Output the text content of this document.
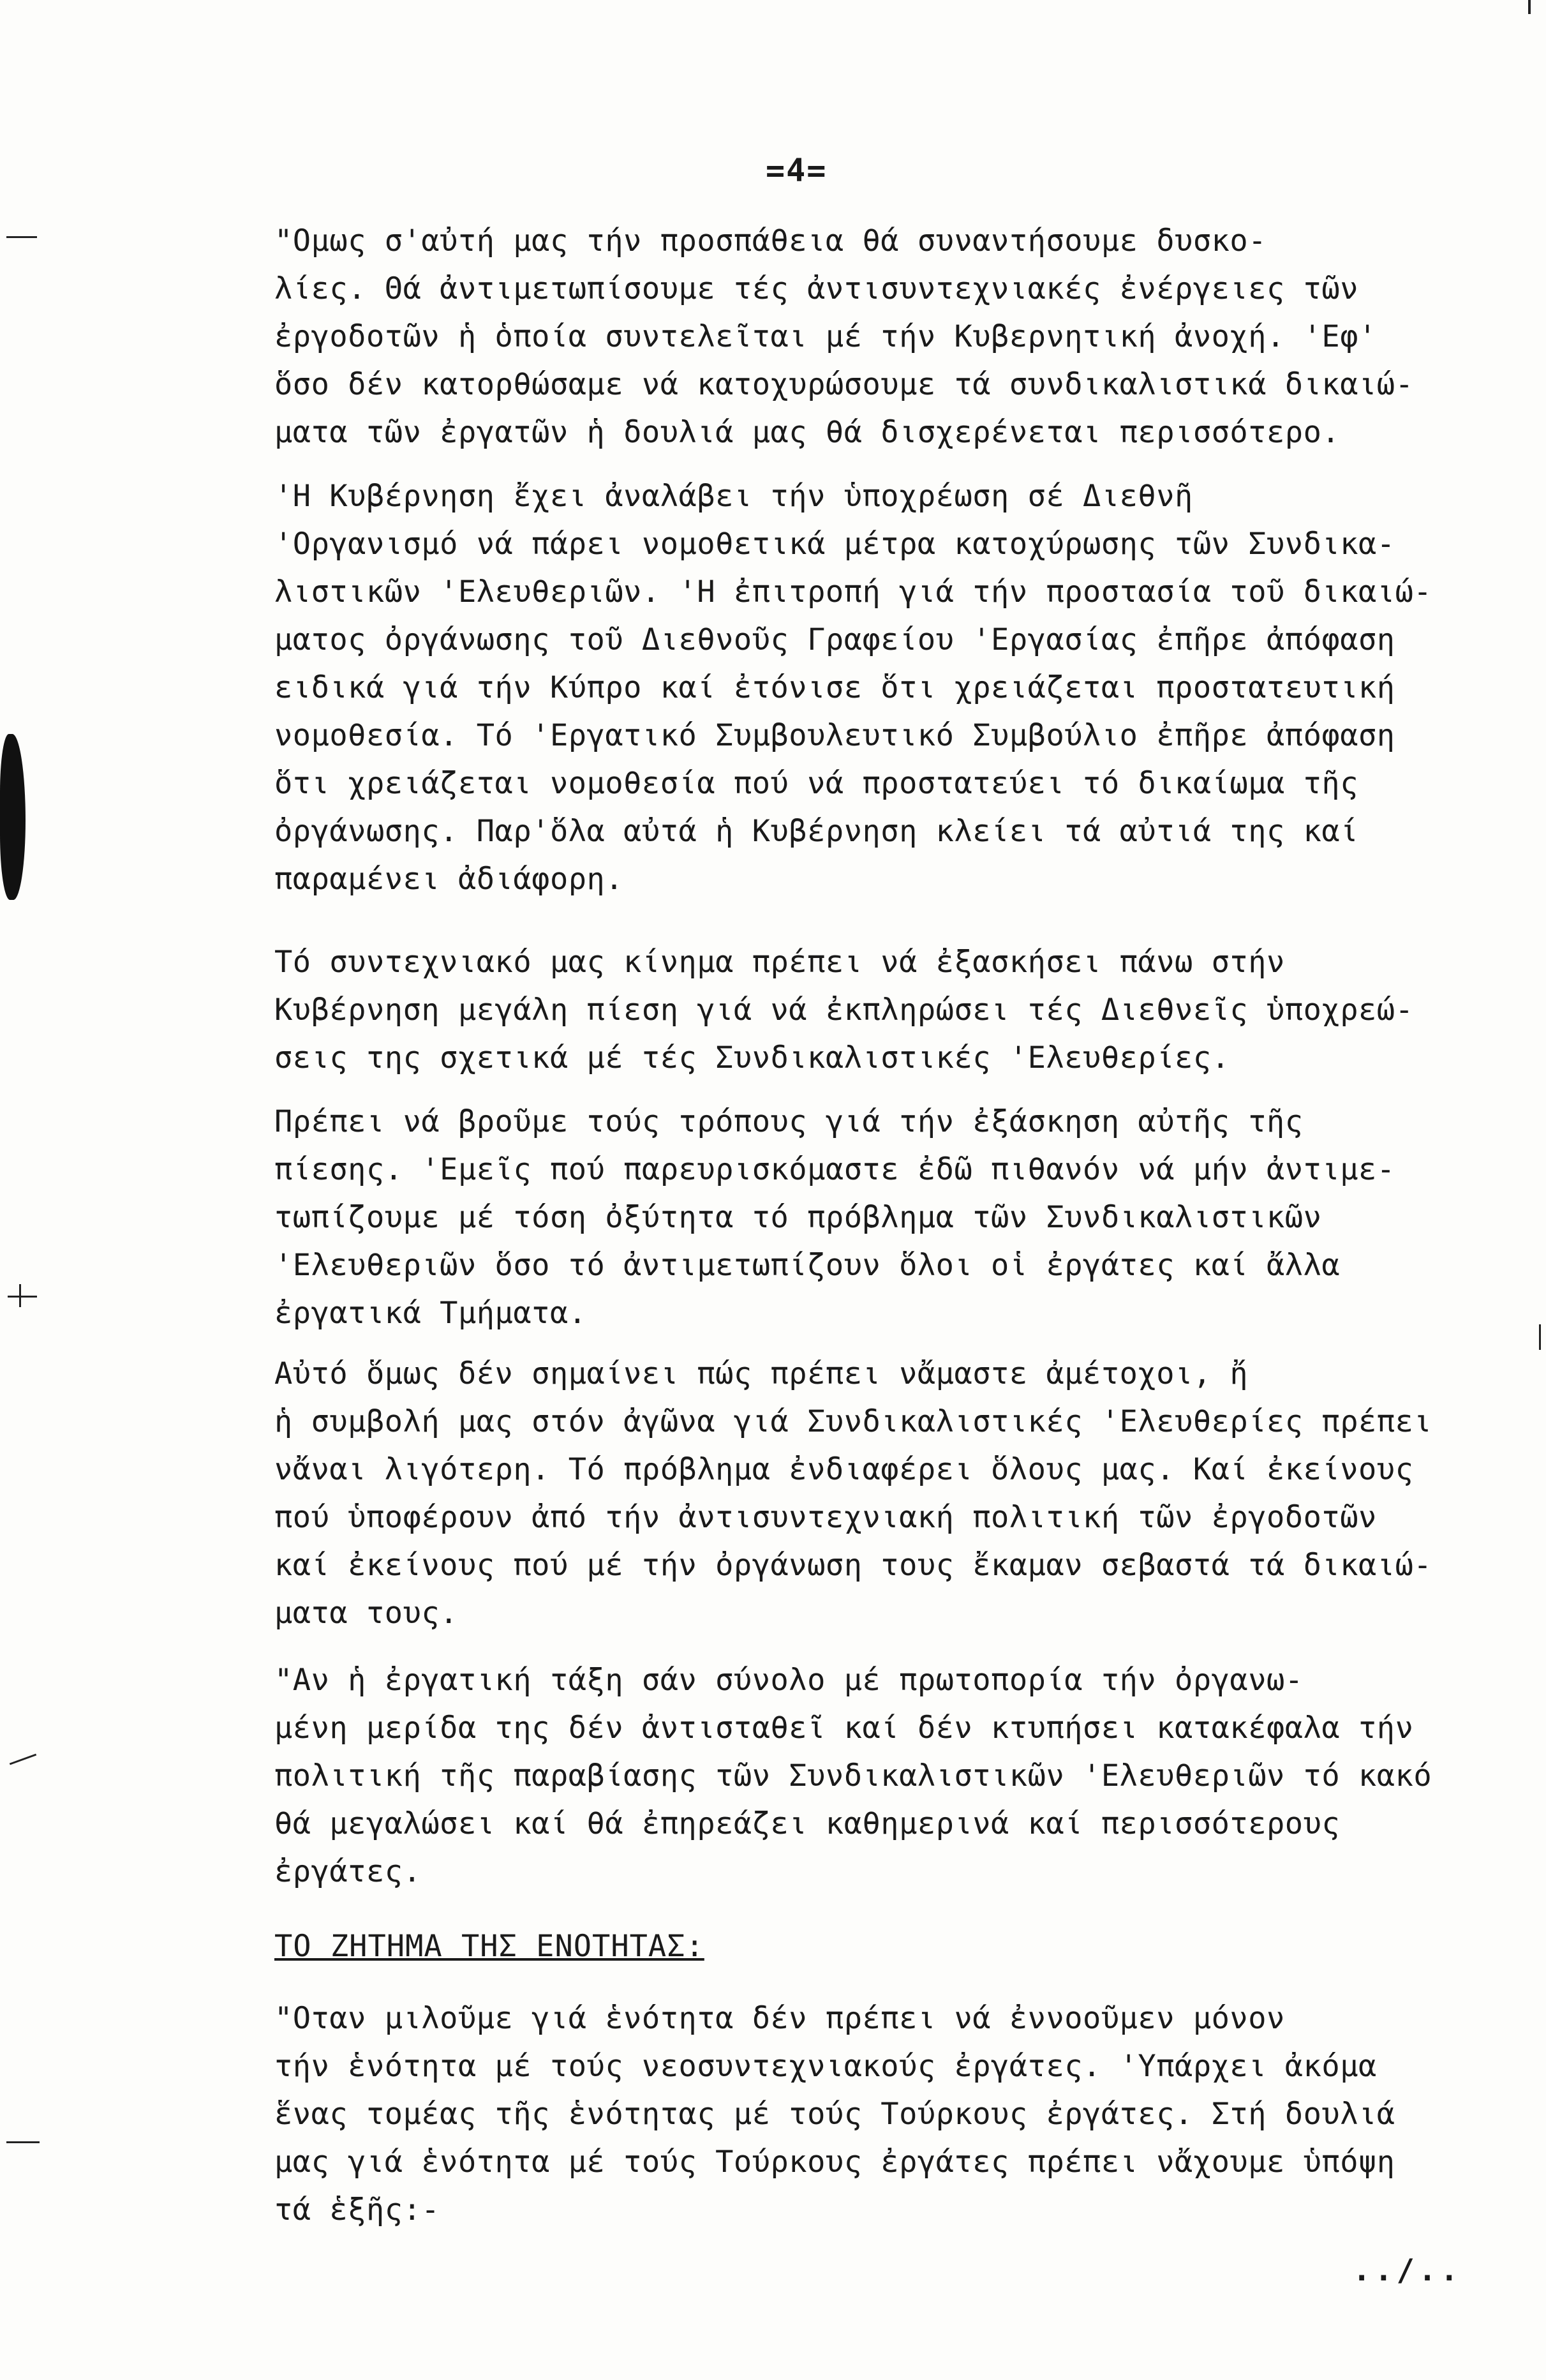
=4=

"Ομως σ'αὐτή μας τήν προσπάθεια θά συναντήσουμε δυσκο-
λίες. Θά ἀντιμετωπίσουμε τές ἀντισυντεχνιακές ἐνέργειες τῶν
ἐργοδοτῶν ἡ ὁποία συντελεῖται μέ τήν Κυβερνητική ἀνοχή. 'Εφ'
ὅσο δέν κατορθώσαμε νά κατοχυρώσουμε τά συνδικαλιστικά δικαιώ-
ματα τῶν ἐργατῶν ἡ δουλιά μας θά δισχερένεται περισσότερο.

'Η Κυβέρνηση ἔχει ἀναλάβει τήν ὑποχρέωση σέ Διεθνῆ
'Οργανισμό νά πάρει νομοθετικά μέτρα κατοχύρωσης τῶν Συνδικα-
λιστικῶν 'Ελευθεριῶν. 'Η ἐπιτροπή γιά τήν προστασία τοῦ δικαιώ-
ματος ὀργάνωσης τοῦ Διεθνοῦς Γραφείου 'Εργασίας ἐπῆρε ἀπόφαση
ειδικά γιά τήν Κύπρο καί ἐτόνισε ὅτι χρειάζεται προστατευτική
νομοθεσία. Τό 'Εργατικό Συμβουλευτικό Συμβούλιο ἐπῆρε ἀπόφαση
ὅτι χρειάζεται νομοθεσία πού νά προστατεύει τό δικαίωμα τῆς
ὀργάνωσης. Παρ'ὅλα αὐτά ἡ Κυβέρνηση κλείει τά αὐτιά της καί
παραμένει ἀδιάφορη.

Τό συντεχνιακό μας κίνημα πρέπει νά ἐξασκήσει πάνω στήν
Κυβέρνηση μεγάλη πίεση γιά νά ἐκπληρώσει τές Διεθνεῖς ὑποχρεώ-
σεις της σχετικά μέ τές Συνδικαλιστικές 'Ελευθερίες.

Πρέπει νά βροῦμε τούς τρόπους γιά τήν ἐξάσκηση αὐτῆς τῆς
πίεσης. 'Εμεῖς πού παρευρισκόμαστε ἐδῶ πιθανόν νά μήν ἀντιμε-
τωπίζουμε μέ τόση ὀξύτητα τό πρόβλημα τῶν Συνδικαλιστικῶν
'Ελευθεριῶν ὅσο τό ἀντιμετωπίζουν ὅλοι οἱ ἐργάτες καί ἄλλα
ἐργατικά Τμήματα.

Αὐτό ὅμως δέν σημαίνει πώς πρέπει νἄμαστε ἀμέτοχοι, ἤ
ἡ συμβολή μας στόν ἀγῶνα γιά Συνδικαλιστικές 'Ελευθερίες πρέπει
νἄναι λιγότερη. Τό πρόβλημα ἐνδιαφέρει ὅλους μας. Καί ἐκείνους
πού ὑποφέρουν ἀπό τήν ἀντισυντεχνιακή πολιτική τῶν ἐργοδοτῶν
καί ἐκείνους πού μέ τήν ὀργάνωση τους ἔκαμαν σεβαστά τά δικαιώ-
ματα τους.

"Αν ἡ ἐργατική τάξη σάν σύνολο μέ πρωτοπορία τήν ὀργανω-
μένη μερίδα της δέν ἀντισταθεῖ καί δέν κτυπήσει κατακέφαλα τήν
πολιτική τῆς παραβίασης τῶν Συνδικαλιστικῶν 'Ελευθεριῶν τό κακό
θά μεγαλώσει καί θά ἐπηρεάζει καθημερινά καί περισσότερους
ἐργάτες.

ΤΟ ΖΗΤΗΜΑ ΤΗΣ ΕΝΟΤΗΤΑΣ:

"Οταν μιλοῦμε γιά ἑνότητα δέν πρέπει νά ἐννοοῦμεν μόνον
τήν ἑνότητα μέ τούς νεοσυντεχνιακούς ἐργάτες. 'Υπάρχει ἀκόμα
ἕνας τομέας τῆς ἑνότητας μέ τούς Τούρκους ἐργάτες. Στή δουλιά
μας γιά ἑνότητα μέ τούς Τούρκους ἐργάτες πρέπει νἄχουμε ὑπόψη
τά ἑξῆς:-

../..
